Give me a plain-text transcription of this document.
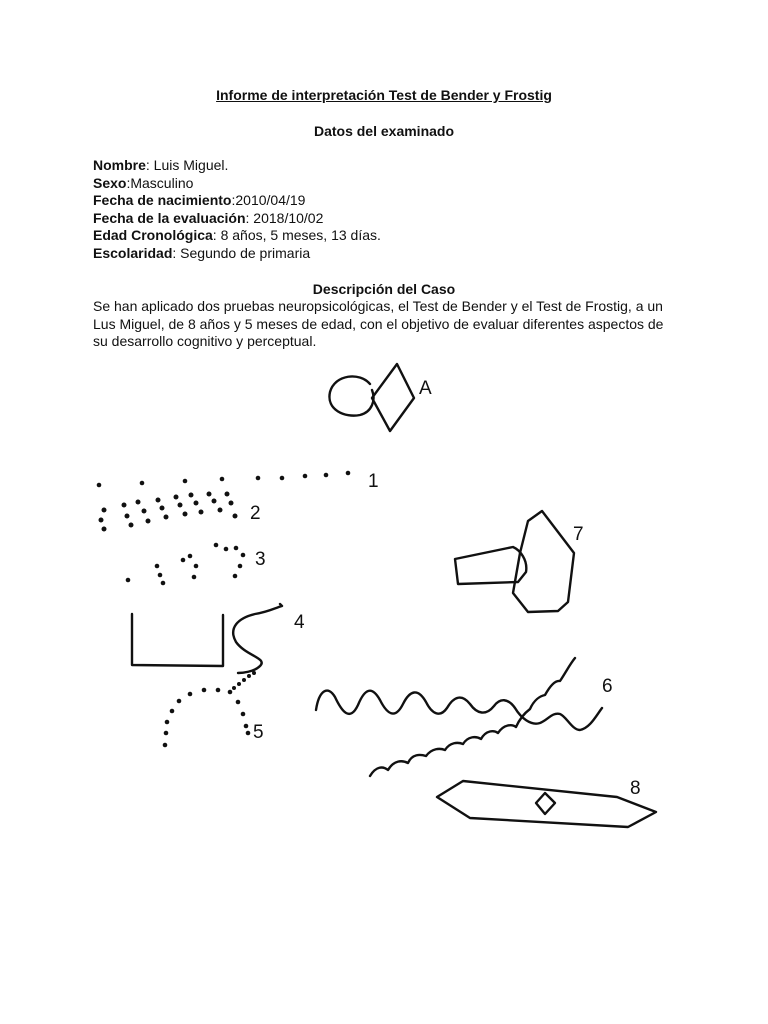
Informe de interpretación Test de Bender y Frostig
Datos del examinado
Nombre: Luis Miguel.
Sexo:Masculino
Fecha de nacimiento:2010/04/19
Fecha de la evaluación: 2018/10/02
Edad Cronológica: 8 años, 5 meses, 13 días.
Escolaridad: Segundo de primaria
Descripción del Caso
Se han aplicado dos pruebas neuropsicológicas, el Test de Bender y el Test de Frostig, a un
Lus Miguel, de 8 años y 5 meses de edad, con el objetivo de evaluar diferentes aspectos de
su desarrollo cognitivo y perceptual.
A
1
2
3
4
5
6
7
8
